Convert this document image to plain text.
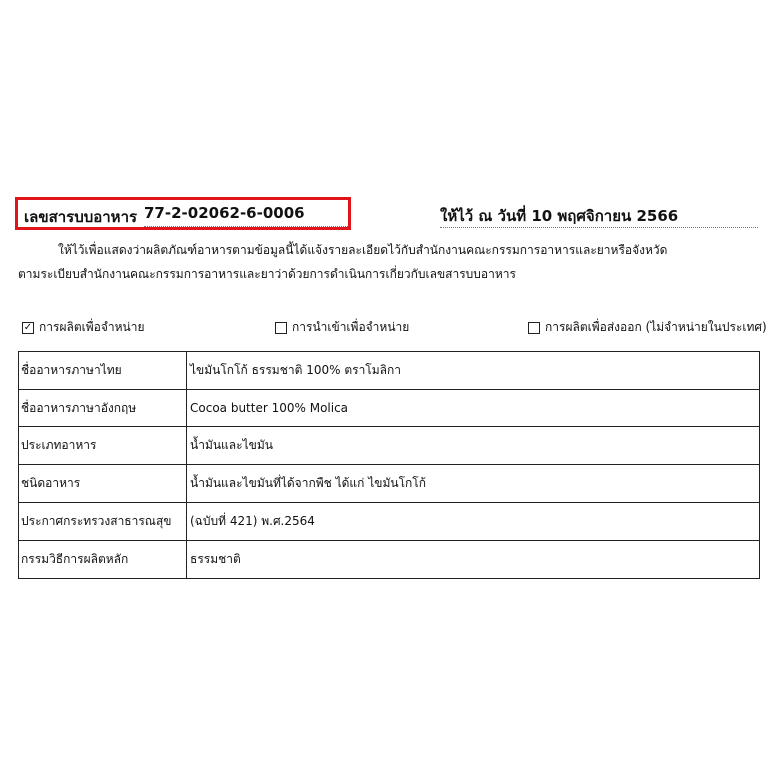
เลขสารบบอาหาร 77-2-02062-6-0006	ให้ไว้ ณ วันที่ 10 พฤศจิกายน 2566
ให้ไว้เพื่อแสดงว่าผลิตภัณฑ์อาหารตามข้อมูลนี้ได้แจ้งรายละเอียดไว้กับสำนักงานคณะกรรมการอาหารและยาหรือจังหวัด
ตามระเบียบสำนักงานคณะกรรมการอาหารและยาว่าด้วยการดำเนินการเกี่ยวกับเลขสารบบอาหาร
✓ การผลิตเพื่อจำหน่าย	การนำเข้าเพื่อจำหน่าย	การผลิตเพื่อส่งออก (ไม่จำหน่ายในประเทศ)
ชื่ออาหารภาษาไทย	ไขมันโกโก้ ธรรมชาติ 100% ตราโมลิกา
ชื่ออาหารภาษาอังกฤษ	Cocoa butter 100% Molica
ประเภทอาหาร	น้ำมันและไขมัน
ชนิดอาหาร	น้ำมันและไขมันที่ได้จากพืช ได้แก่ ไขมันโกโก้
ประกาศกระทรวงสาธารณสุข	(ฉบับที่ 421) พ.ศ.2564
กรรมวิธีการผลิตหลัก	ธรรมชาติ
